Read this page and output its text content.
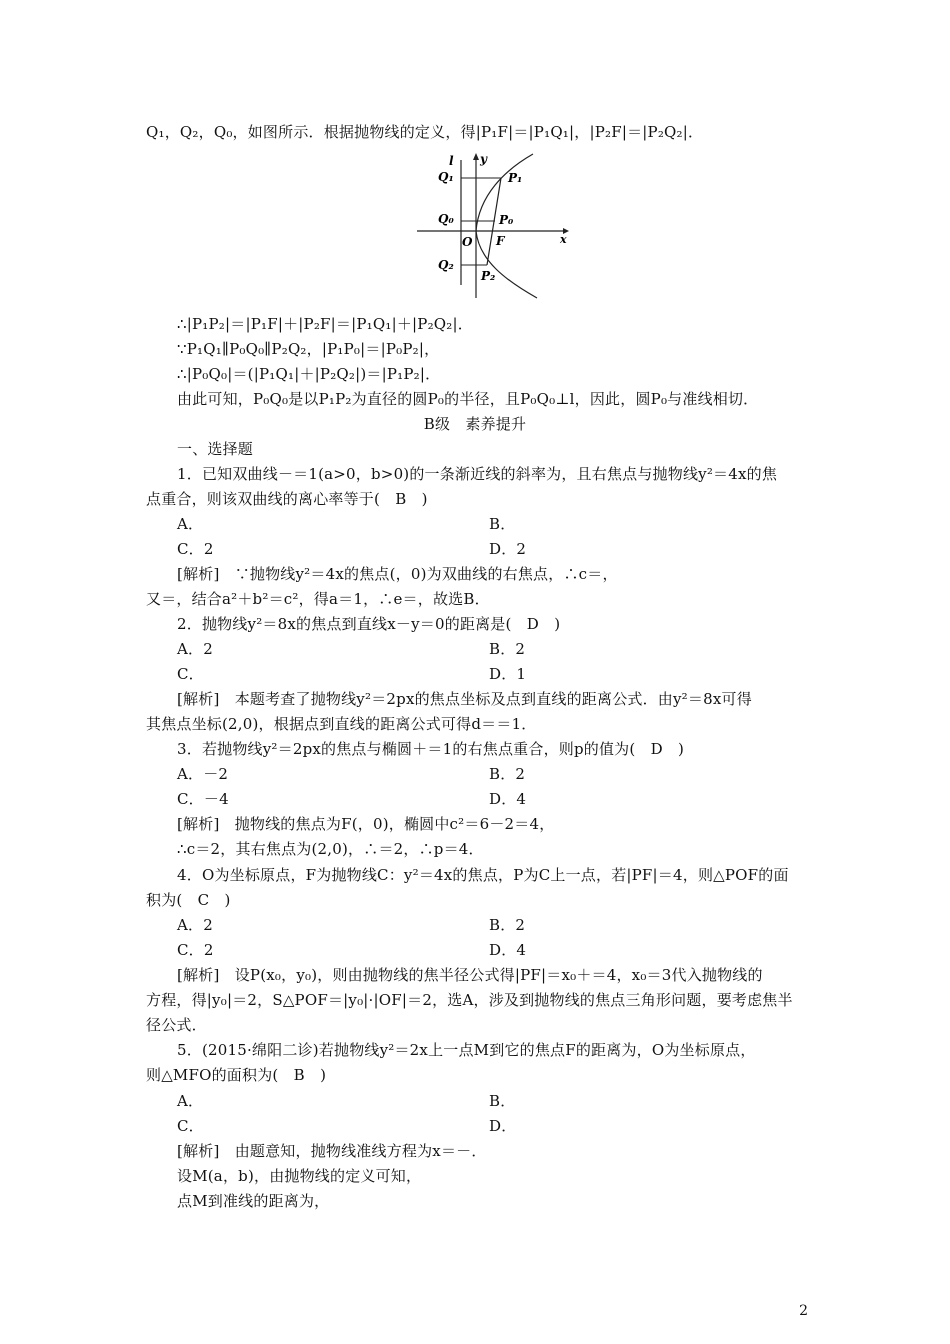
Q₁，Q₂，Q₀，如图所示．根据抛物线的定义，得|P₁F|＝|P₁Q₁|，|P₂F|＝|P₂Q₂|．
l y
x
O F
Q₁
Q₀
Q₂
P₁
P₀
P₂
∴|P₁P₂|＝|P₁F|＋|P₂F|＝|P₁Q₁|＋|P₂Q₂|．
∵P₁Q₁∥P₀Q₀∥P₂Q₂，|P₁P₀|＝|P₀P₂|，
∴|P₀Q₀|＝(|P₁Q₁|＋|P₂Q₂|)＝|P₁P₂|．
由此可知，P₀Q₀是以P₁P₂为直径的圆P₀的半径，且P₀Q₀⊥l，因此，圆P₀与准线相切．
B级　素养提升
一、选择题
1．已知双曲线－＝1(a>0，b>0)的一条渐近线的斜率为，且右焦点与抛物线y²＝4x的焦
点重合，则该双曲线的离心率等于(　B　)
A．	B．
C．2	D．2
[解析]　∵抛物线y²＝4x的焦点(，0)为双曲线的右焦点，∴c＝，
又＝，结合a²＋b²＝c²，得a＝1，∴e＝，故选B．
2．抛物线y²＝8x的焦点到直线x－y＝0的距离是(　D　)
A．2	B．2
C．	D．1
[解析]　本题考查了抛物线y²＝2px的焦点坐标及点到直线的距离公式．由y²＝8x可得
其焦点坐标(2,0)，根据点到直线的距离公式可得d＝＝1．
3．若抛物线y²＝2px的焦点与椭圆＋＝1的右焦点重合，则p的值为(　D　)
A．－2	B．2
C．－4	D．4
[解析]　抛物线的焦点为F(，0)，椭圆中c²＝6－2＝4，
∴c＝2，其右焦点为(2,0)，∴＝2，∴p＝4．
4．O为坐标原点，F为抛物线C：y²＝4x的焦点，P为C上一点，若|PF|＝4，则△POF的面
积为(　C　)
A．2	B．2
C．2	D．4
[解析]　设P(x₀，y₀)，则由抛物线的焦半径公式得|PF|＝x₀＋＝4，x₀＝3代入抛物线的
方程，得|y₀|＝2，S△POF＝|y₀|·|OF|＝2，选A，涉及到抛物线的焦点三角形问题，要考虑焦半
径公式．
5．(2015·绵阳二诊)若抛物线y²＝2x上一点M到它的焦点F的距离为，O为坐标原点，
则△MFO的面积为(　B　)
A．	B．
C．	D．
[解析]　由题意知，抛物线准线方程为x＝－．
设M(a，b)，由抛物线的定义可知，
点M到准线的距离为，
2
